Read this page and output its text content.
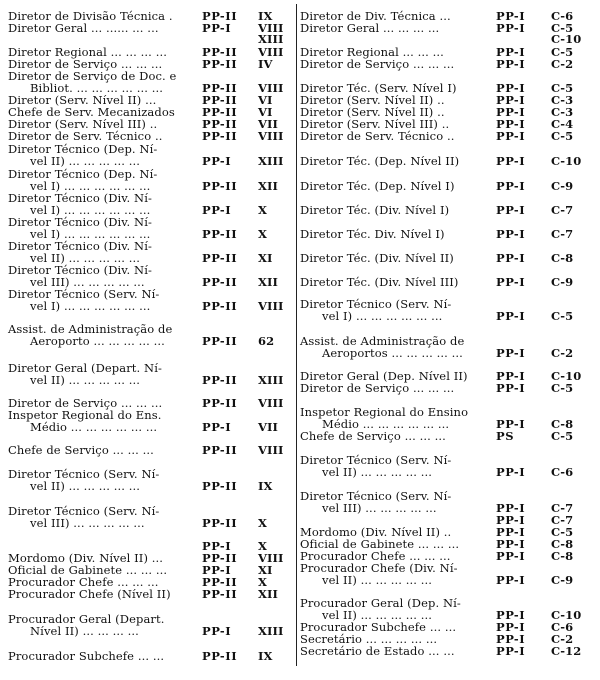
Diretor de Divisão Técnica .	PP-II IX
Diretor Geral ... ...... ... ...	PP-I VIII
XIII
Diretor Regional ... ... ... ...	PP-II VIII
Diretor de Serviço ... ... ...	PP-II IV
Diretor de Serviço de Doc. e
Bibliot. ... ... ... ... ... ...	PP-II VIII
Diretor (Serv. Nível II) ...	PP-II VI
Chefe de Serv. Mecanizados PP-II VI
Diretor (Serv. Nível III) ..	PP-II VII
Diretor de Serv. Técnico ..	PP-II VIII
Diretor Técnico (Dep. Ní-
vel II) ... ... ... ... ...	PP-I XIII
Diretor Técnico (Dep. Ní-
vel I) ... ... ... ... ... ...	PP-II XII
Diretor Técnico (Div. Ní-
vel I) ... ... ... ... ... ...	PP-I X
Diretor Técnico (Div. Ní-
vel I) ... ... ... ... ... ...	PP-II X
Diretor Técnico (Div. Ní-
vel II) ... ... ... ... ...	PP-II XI
Diretor Técnico (Div. Ní-
vel III) ... ... ... ... ...	PP-II XII
Diretor Técnico (Serv. Ní-
vel I) ... ... ... ... ... ...	PP-II VIII
Assist. de Administração de
Aeroporto ... ... ... ... ...	PP-II 62
Diretor Geral (Depart. Ní-
vel II) ... ... ... ... ...	PP-II XIII
Diretor de Serviço ... ... ...	PP-II VIII
Inspetor Regional do Ens.
Médio ... ... ... ... ... ...	PP-I VII
Chefe de Serviço ... ... ...	PP-II VIII
Diretor Técnico (Serv. Ní-
vel II) ... ... ... ... ...	PP-II IX
Diretor Técnico (Serv. Ní-
vel III) ... ... ... ... ...	PP-II X
PP-I X
Mordomo (Div. Nível II) ...	PP-II VIII
Oficial de Gabinete ... ... ...	PP-I XI
Procurador Chefe ... ... ...	PP-II X
Procurador Chefe (Nível II)	PP-II XII
Procurador Geral (Depart.
Nível II) ... ... ... ...	PP-I XIII
Procurador Subchefe ... ...	PP-II IX
Diretor de Div. Técnica ...	PP-I C-6
Diretor Geral ... ... ... ...	PP-I C-5
C-10
Diretor Regional ... ... ...	PP-I C-5
Diretor de Serviço ... ... ...	PP-I C-2
Diretor Téc. (Serv. Nível I)	PP-I C-5
Diretor (Serv. Nível II) ..	PP-I C-3
Diretor (Serv. Nível II) ..	PP-I C-3
Diretor (Serv. Nível III) ..	PP-I C-4
Diretor de Serv. Técnico ..	PP-I C-5
Diretor Téc. (Dep. Nível II)	PP-I C-10
Diretor Téc. (Dep. Nível I)	PP-I C-9
Diretor Téc. (Div. Nível I)	PP-I C-7
Diretor Téc. Div. Nível I)	PP-I C-7
Diretor Téc. (Div. Nível II)	PP-I C-8
Diretor Téc. (Div. Nível III)	PP-I C-9
Diretor Técnico (Serv. Ní-
vel I) ... ... ... ... ... ...	PP-I C-5
Assist. de Administração de
Aeroportos ... ... ... ... ...	PP-I C-2
Diretor Geral (Dep. Nível II) PP-I C-10
Diretor de Serviço ... ... ...	PP-I C-5
Inspetor Regional do Ensino
Médio ... ... ... ... ... ...	PP-I C-8
Chefe de Serviço ... ... ...	PS	C-5
Diretor Técnico (Serv. Ní-
vel II) ... ... ... ... ...	PP-I C-6
Diretor Técnico (Serv. Ní-
vel III) ... ... ... ... ...	PP-I C-7
PP-I C-7
Mordomo (Div. Nível II) ..	PP-I C-5
Oficial de Gabinete ... ... ...	PP-I C-8
Procurador Chefe ... ... ...	PP-I C-8
Procurador Chefe (Div. Ní-
vel II) ... ... ... ... ...	PP-I C-9
Procurador Geral (Dep. Ní-
vel II) ... ... ... ... ...	PP-I C-10
Procurador Subchefe ... ...	PP-I C-6
Secretário ... ... ... ... ...	PP-I C-2
Secretário de Estado ... ...	PP-I C-12
